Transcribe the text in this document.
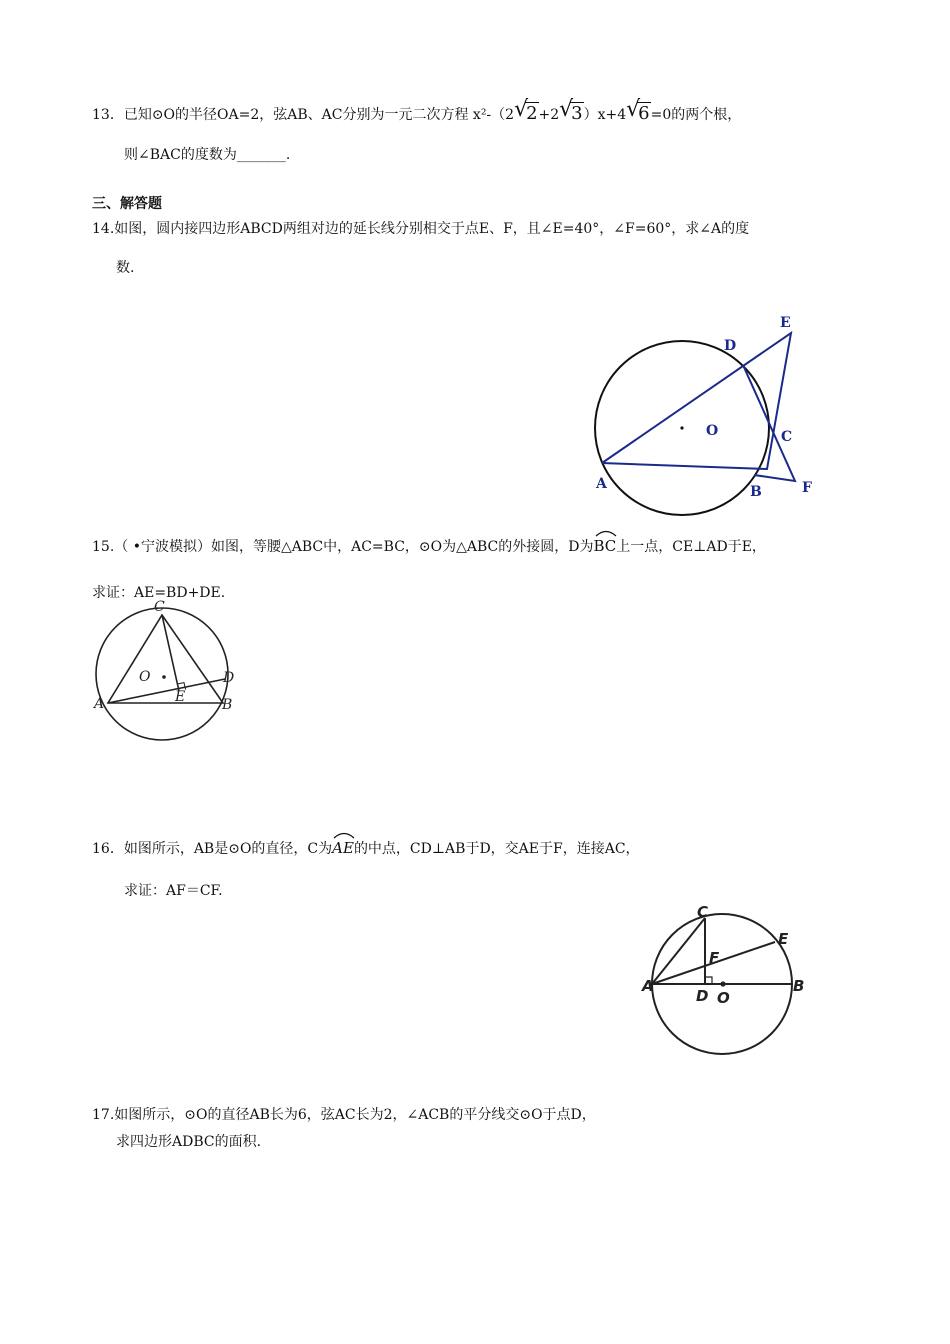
13．已知⊙O的半径OA=2，弦AB、AC分别为一元二次方程 x²-（2 √
2+2 √
3）x+4 √
6=0的两个根，
则∠BAC的度数为_______.
三、解答题
14.如图，圆内接四边形ABCD两组对边的延长线分别相交于点E、F，且∠E=40°，∠F=60°，求∠A的度
数.
A	B
C
D
E
F
O
15.（ •宁波模拟）如图，等腰△ABC中，AC=BC，⊙O为△ABC的外接圆，D为
BC上一点，CE⊥AD于E，
求证：AE=BD+DE.
A	B
C
D
E
O
16．如图所示，AB是⊙O的直径，C为
AE的中点，CD⊥AB于D，交AE于F，连接AC，
求证：AF＝CF.
A	B
C
D
E
F
O
17.如图所示，⊙O的直径AB长为6，弦AC长为2，∠ACB的平分线交⊙O于点D，
求四边形ADBC的面积.
